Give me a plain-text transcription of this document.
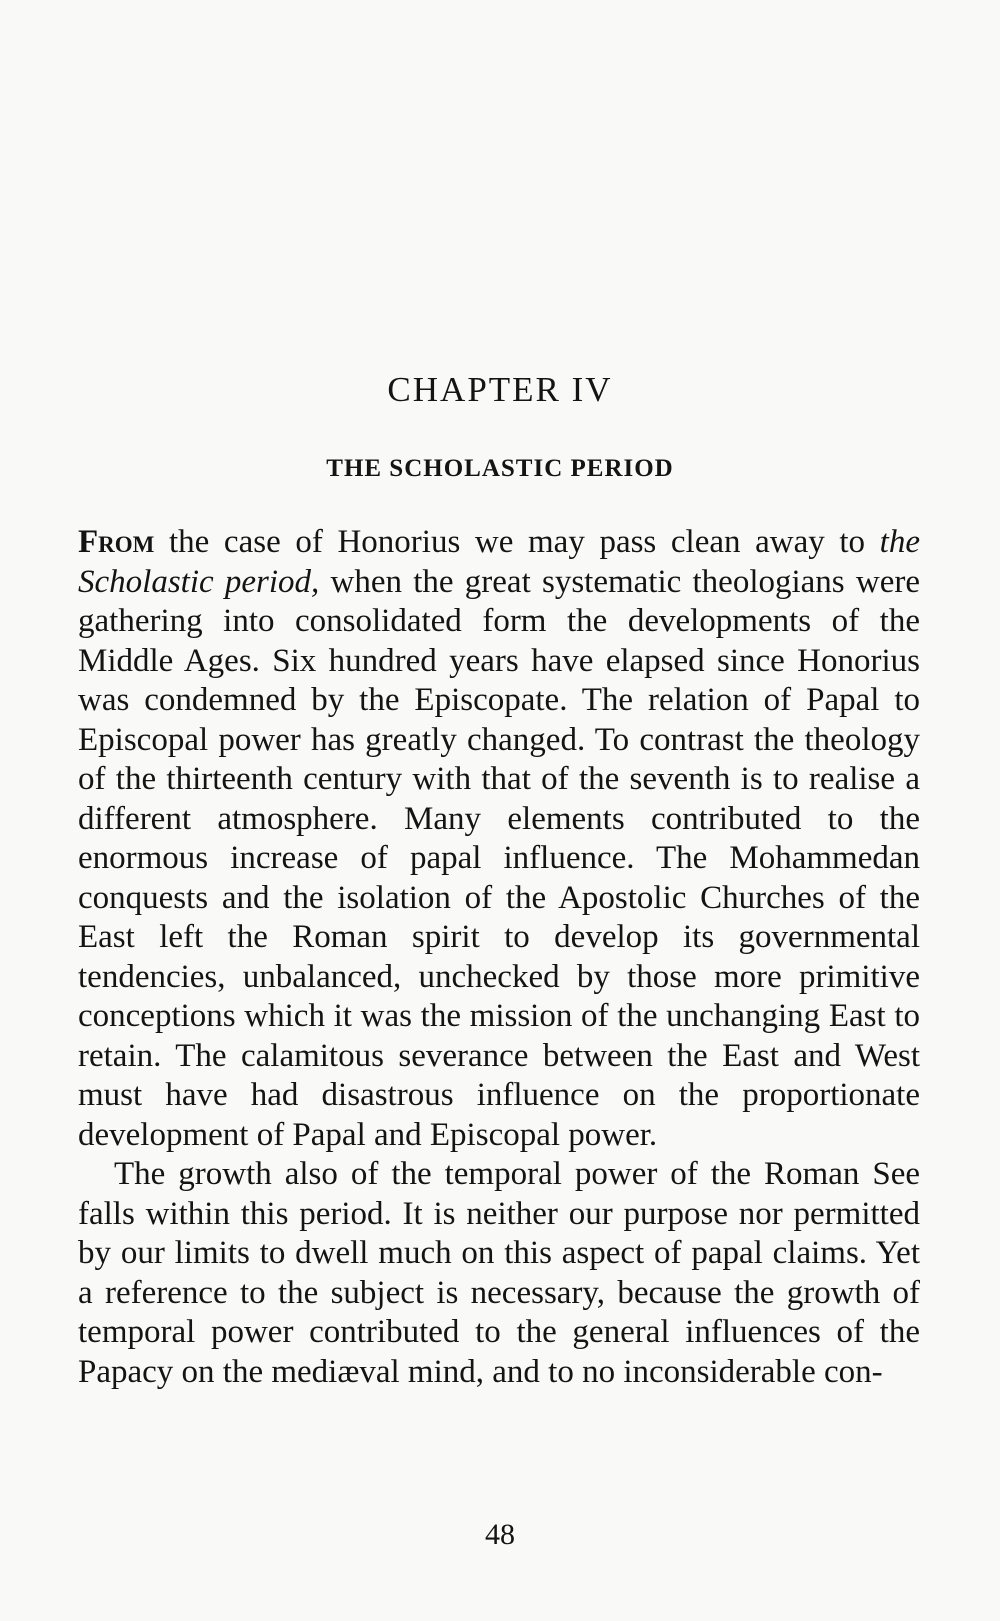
CHAPTER IV
THE SCHOLASTIC PERIOD

From the case of Honorius we may pass clean away to the Scholastic period, when the great systematic theologians were gathering into consolidated form the developments of the Middle Ages. Six hundred years have elapsed since Honorius was condemned by the Episcopate. The relation of Papal to Episcopal power has greatly changed. To contrast the theology of the thirteenth century with that of the seventh is to realise a different atmosphere. Many elements contributed to the enormous increase of papal influence. The Mohammedan conquests and the isolation of the Apostolic Churches of the East left the Roman spirit to develop its governmental tendencies, unbalanced, unchecked by those more primitive conceptions which it was the mission of the unchanging East to retain. The calamitous severance between the East and West must have had disastrous influence on the proportionate development of Papal and Episcopal power.

The growth also of the temporal power of the Roman See falls within this period. It is neither our purpose nor permitted by our limits to dwell much on this aspect of papal claims. Yet a reference to the subject is necessary, because the growth of temporal power contributed to the general influences of the Papacy on the mediæval mind, and to no inconsiderable con-

48
